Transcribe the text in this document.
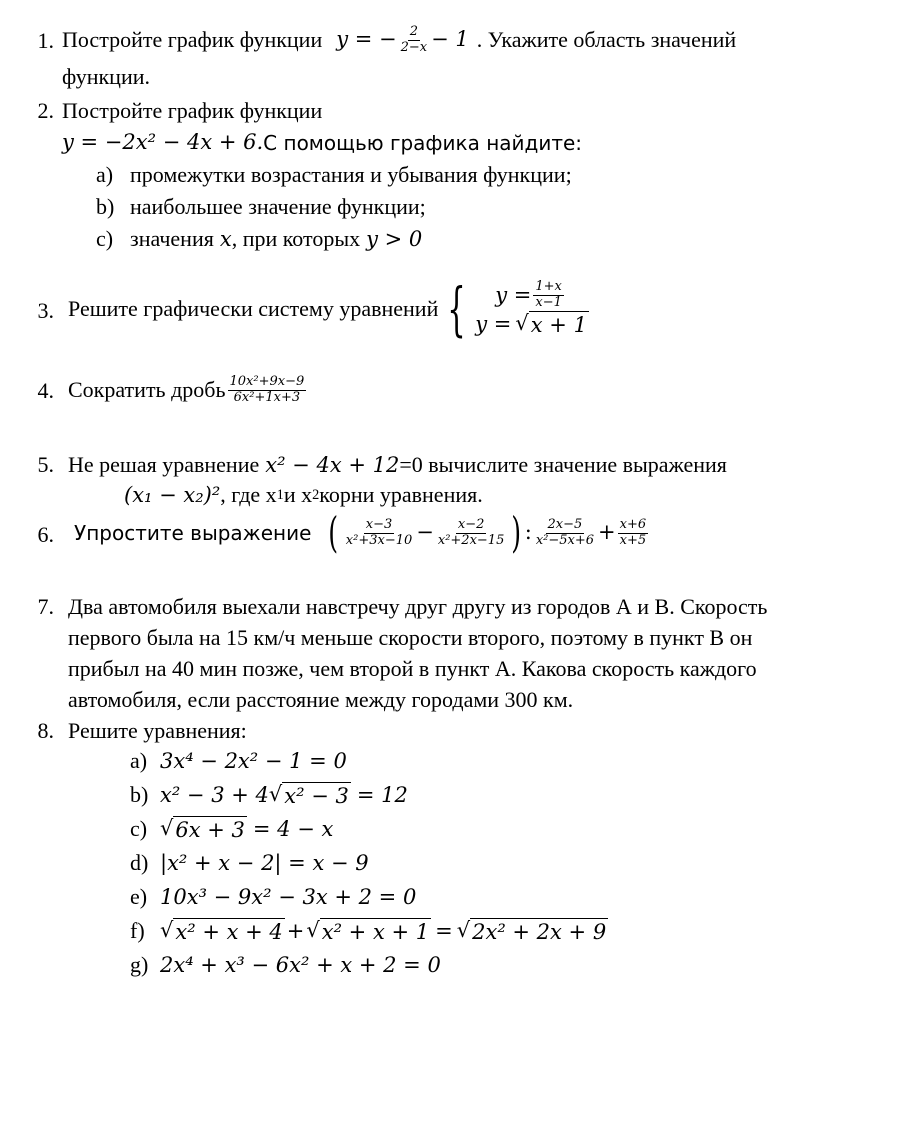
1. Постройте график функции y = − $\frac{2}{2-x} - 1$ . Укажите область значений
функции.
2. Постройте график функции
y = −2x² − 4x + 6. С помощью графика найдите:
a) промежутки возрастания и убывания функции;
b) наибольшее значение функции;
c) значения x , при которых y > 0
3. Решите графически систему уравнений { $y = \frac{1+x}{x-1}$
y = √ x + 1
4. Сократить дробь $\frac{\text{10x²+9x−9}}{\text{6x²+1x+3}}$
5. Не решая уравнение x² − 4x + 12 =0 вычислите значение выражения
(x₁ − x₂)² , где x 1 и x 2 корни уравнения.
6. Упростите выражение ( $\frac{x-3}{\text{x²+3x−10}} - \frac{x-2}{\text{x²+2x−15}}$ ) : $\frac{2x-5}{\text{x²−5x+6}} + \frac{x+6}{x+5}$
7. Два автомобиля выехали навстречу друг другу из городов А и В. Скорость
первого была на 15 км/ч меньше скорости второго, поэтому в пункт В он
прибыл на 40 мин позже, чем второй в пункт А. Какова скорость каждого
автомобиля, если расстояние между городами 300 км.
8. Решите уравнения:
a) 3x⁴ − 2x² − 1 = 0
b) x² − 3 + 4 √ x² − 3 = 12
c) √ 6x + 3 = 4 − x
d) |x² + x − 2| = x − 9
e) 10x³ − 9x² − 3x + 2 = 0
f) √ x² + x + 4 + √ x² + x + 1 = √ 2x² + 2x + 9
g) 2x⁴ + x³ − 6x² + x + 2 = 0
